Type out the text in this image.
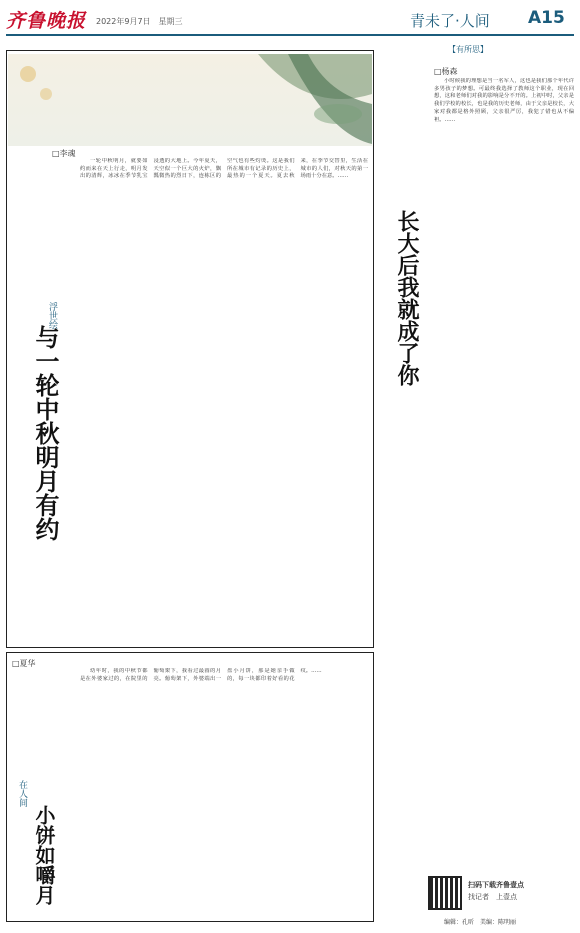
齐鲁晚报 2022年9月7日　星期三	青未了·人间 A15
□李魂
浮世绘
与一轮中秋明月有约

一轮中秋明月，就要如约而来在天上行走，明月发出的清辉，冰冰在季节乳宝浸透的大地上。今年夏天，天空似一个巨大的火炉，飘瓢微热的烈日下，连栋区的空气也有些灼烫。这是我们所在城市有记录的历史上，最热的一个夏天。夏去秋来，在季节交替里，生活在城市的人们，对秋天的第一场雨十分在意。……

□夏华
在人间
小饼如嚼月

幼年时，我的中秋节都是在外婆家过的，在院里的葡萄架下，我看过最圆的月亮。葡萄架下，外婆端出一盘小月饼，那是她亲手做的，每一块都印着好看的花纹。……

【有所思】
□杨森
长大后我就成了你

小时候我的理想是当一名军人，这也是我们那个年代许多男孩子的梦想。可最终我选择了教师这个职业，现在回想，这和老师们对我的影响是分不开的。上初中时，父亲是我们学校的校长，也是我的历史老师，由于父亲是校长，大家对我都是格外照顾，父亲很严厉，我犯了错也从不偏袒。……

扫码下载齐鲁壹点
找记者　上壹点
编辑：孔昕　美编：陈明丽
